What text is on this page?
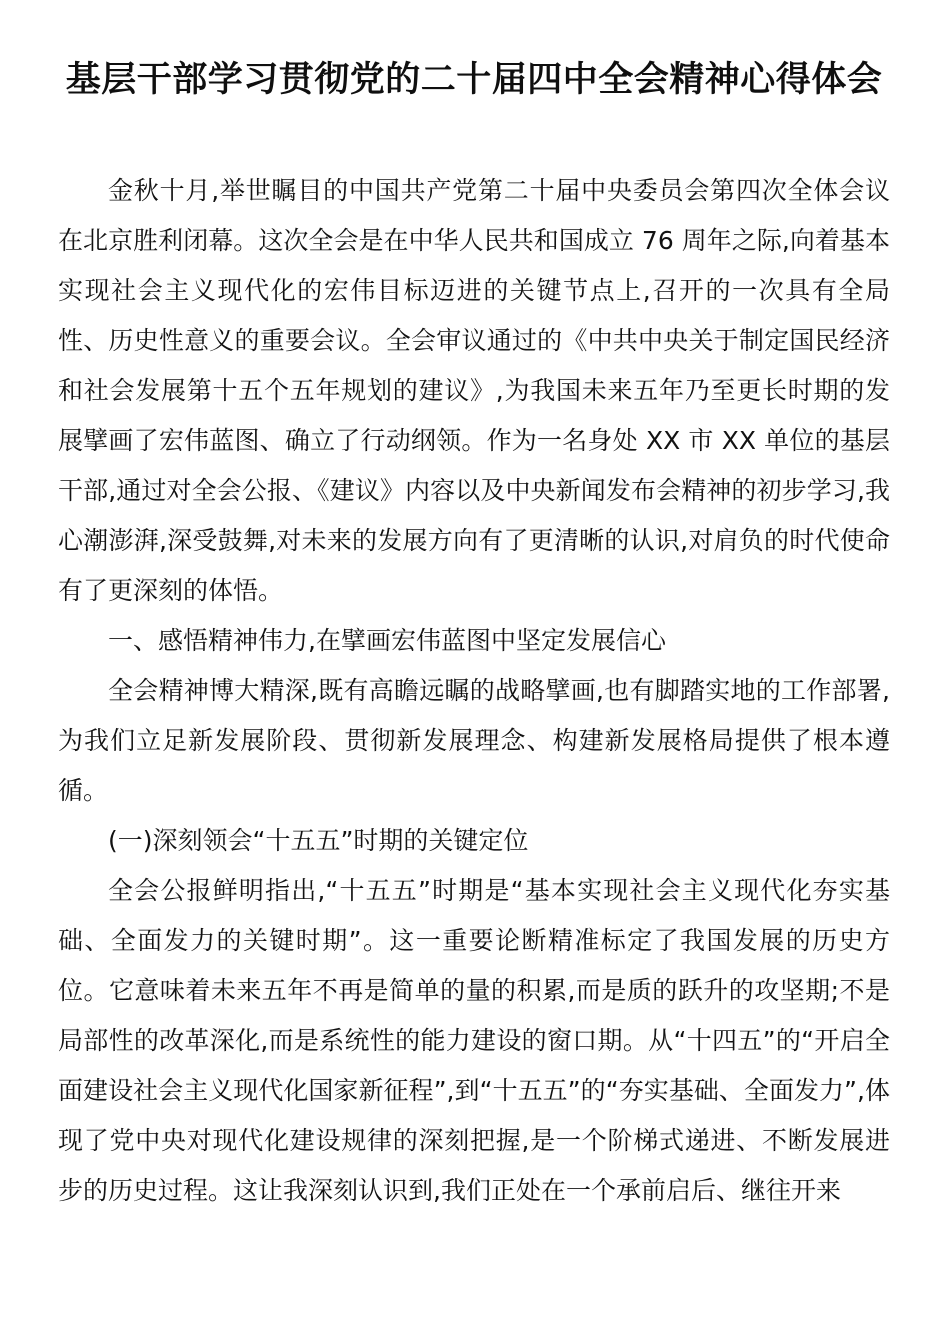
基层干部学习贯彻党的二十届四中全会精神心得体会

金秋十月,举世瞩目的中国共产党第二十届中央委员会第四次全体会议在北京胜利闭幕。这次全会是在中华人民共和国成立 76 周年之际,向着基本实现社会主义现代化的宏伟目标迈进的关键节点上,召开的一次具有全局性、历史性意义的重要会议。全会审议通过的《中共中央关于制定国民经济和社会发展第十五个五年规划的建议》,为我国未来五年乃至更长时期的发展擘画了宏伟蓝图、确立了行动纲领。作为一名身处 XX 市 XX 单位的基层干部,通过对全会公报、《建议》内容以及中央新闻发布会精神的初步学习,我心潮澎湃,深受鼓舞,对未来的发展方向有了更清晰的认识,对肩负的时代使命有了更深刻的体悟。

一、感悟精神伟力,在擘画宏伟蓝图中坚定发展信心

全会精神博大精深,既有高瞻远瞩的战略擘画,也有脚踏实地的工作部署,为我们立足新发展阶段、贯彻新发展理念、构建新发展格局提供了根本遵循。

(一)深刻领会“十五五”时期的关键定位

全会公报鲜明指出,“十五五”时期是“基本实现社会主义现代化夯实基础、全面发力的关键时期”。这一重要论断精准标定了我国发展的历史方位。它意味着未来五年不再是简单的量的积累,而是质的跃升的攻坚期;不是局部性的改革深化,而是系统性的能力建设的窗口期。从“十四五”的“开启全面建设社会主义现代化国家新征程”,到“十五五”的“夯实基础、全面发力”,体现了党中央对现代化建设规律的深刻把握,是一个阶梯式递进、不断发展进步的历史过程。这让我深刻认识到,我们正处在一个承前启后、继往开来
